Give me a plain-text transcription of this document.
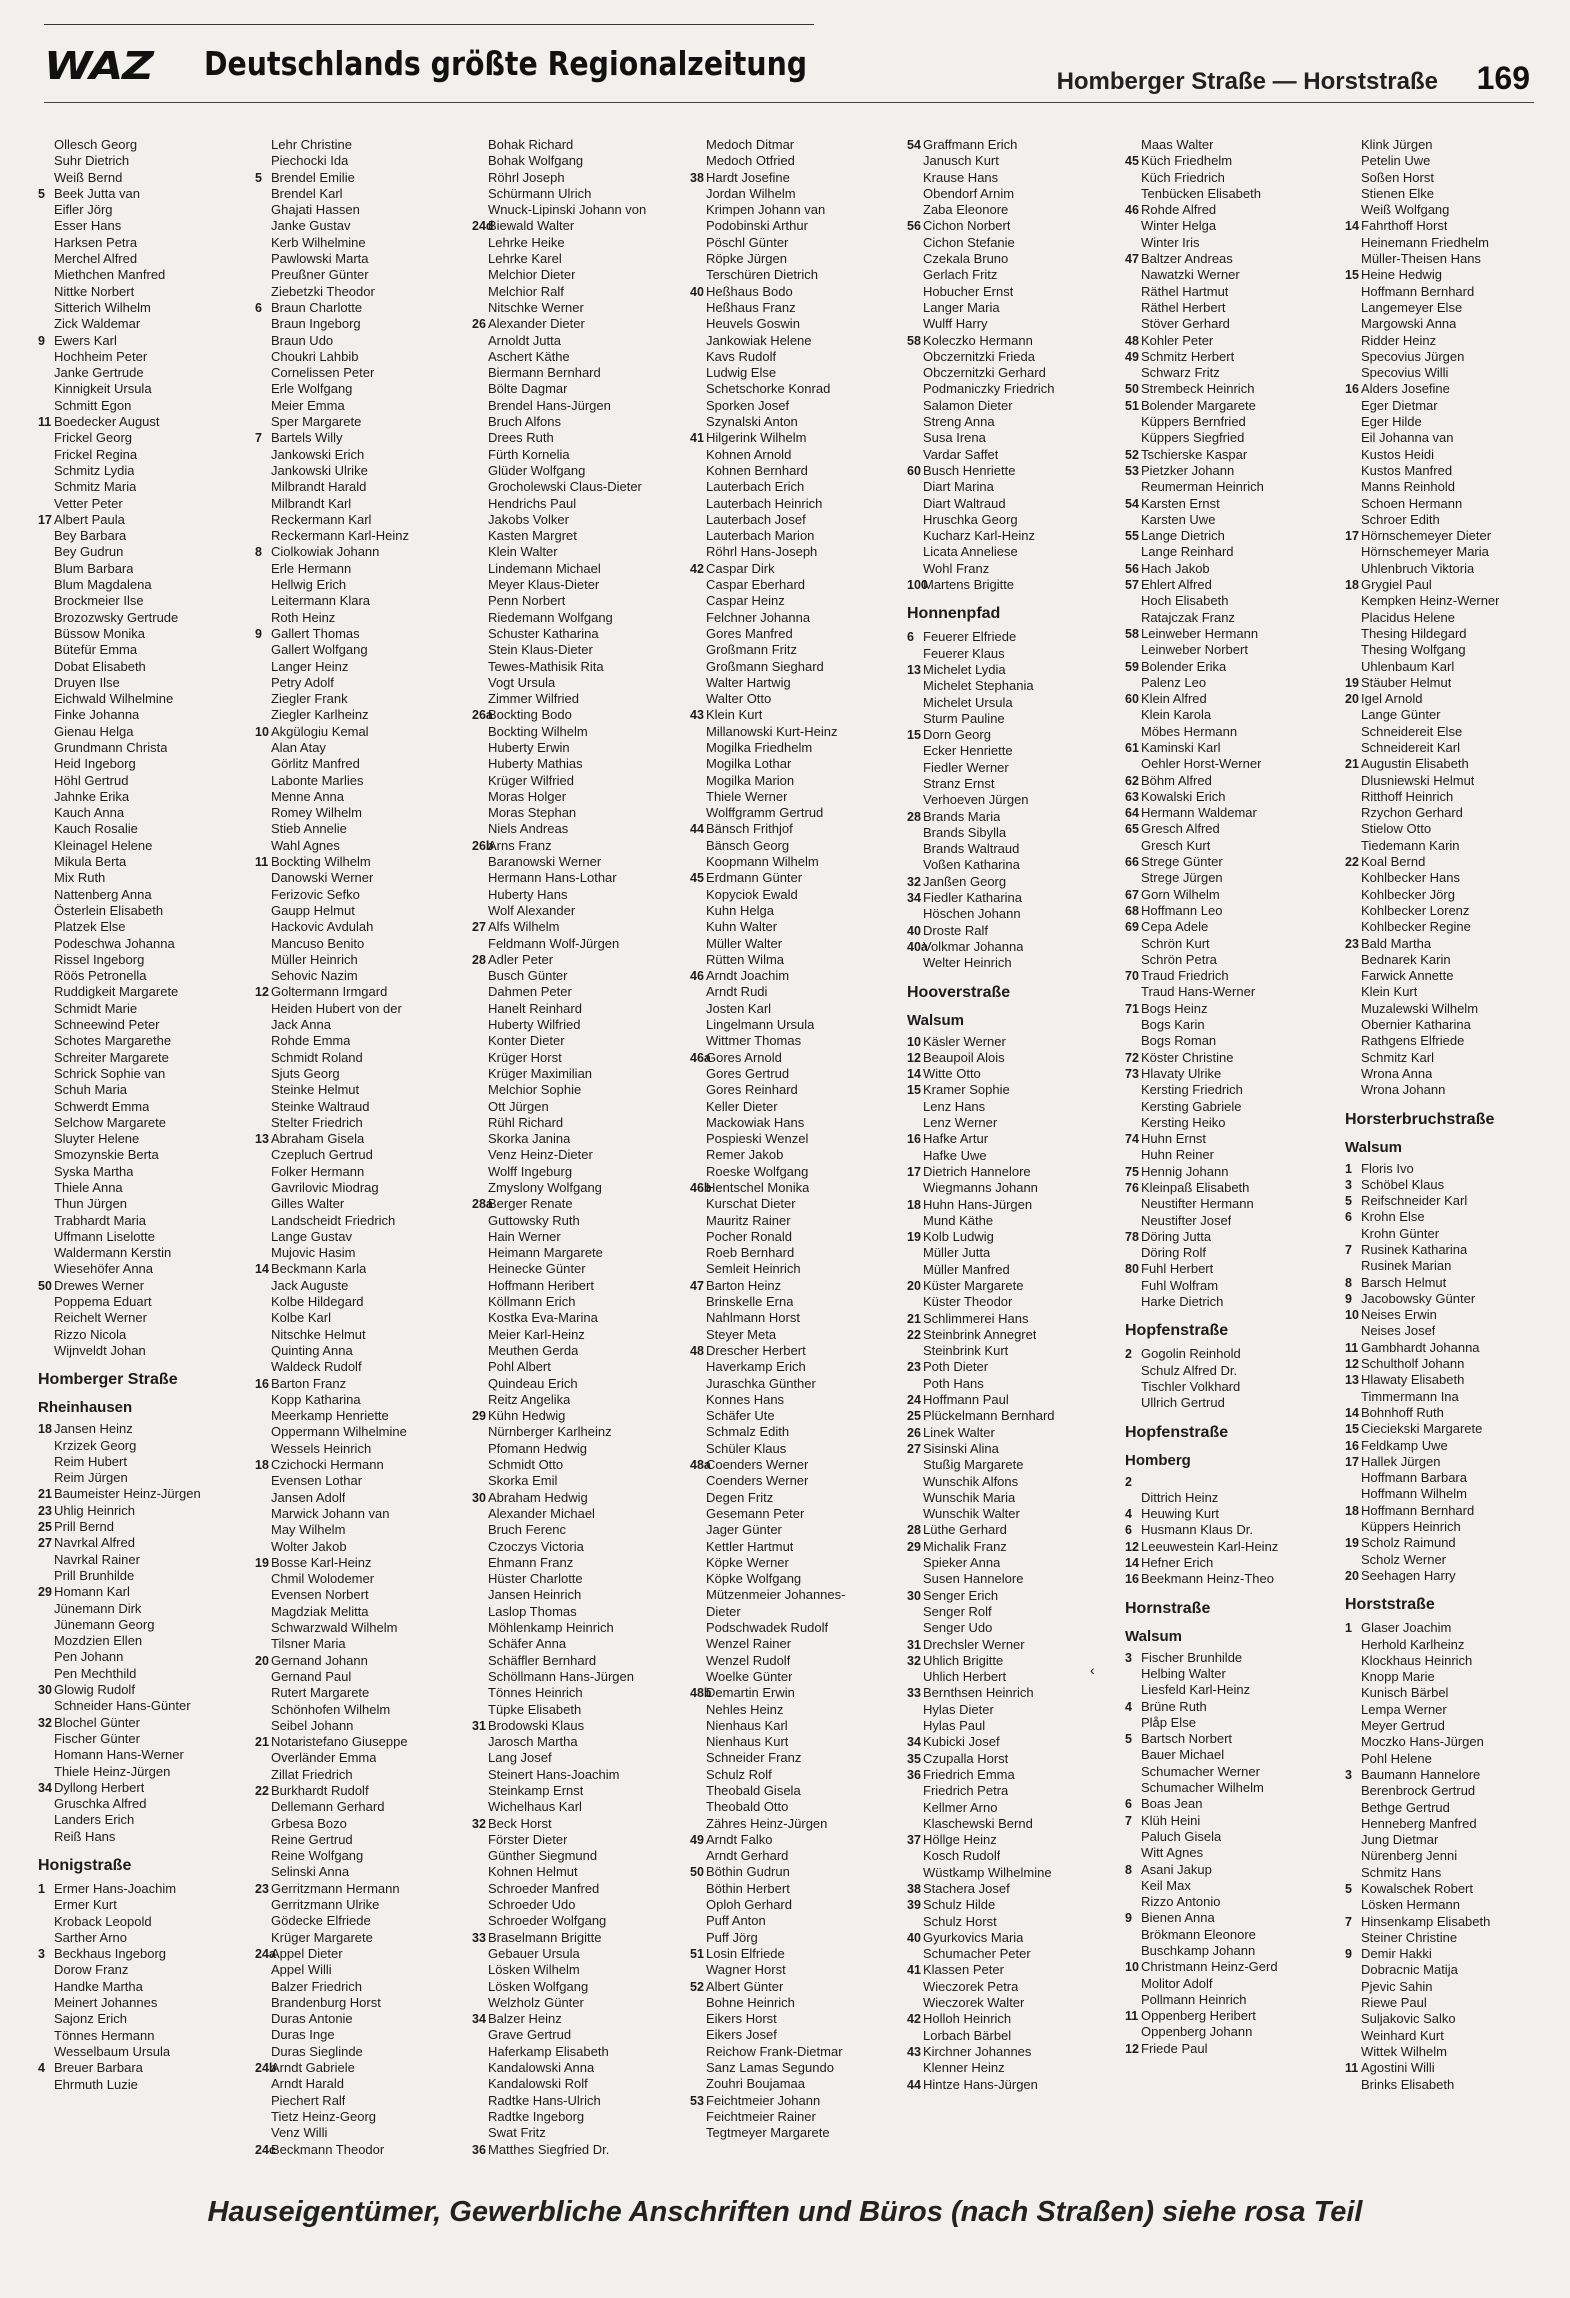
WAZ Deutschlands größte Regionalzeitung	Homberger Straße — Horststraße 169
Ollesch Georg
Suhr Dietrich
Weiß Bernd
5 Beek Jutta van
Eifler Jörg
Esser Hans
Harksen Petra
Merchel Alfred
Miethchen Manfred
Nittke Norbert
Sitterich Wilhelm
Zick Waldemar
9 Ewers Karl
Hochheim Peter
Janke Gertrude
Kinnigkeit Ursula
Schmitt Egon
11 Boedecker August
Frickel Georg
Frickel Regina
Schmitz Lydia
Schmitz Maria
Vetter Peter
17 Albert Paula
Bey Barbara
Bey Gudrun
Blum Barbara
Blum Magdalena
Brockmeier Ilse
Brozozwsky Gertrude
Büssow Monika
Bütefür Emma
Dobat Elisabeth
Druyen Ilse
Eichwald Wilhelmine
Finke Johanna
Gienau Helga
Grundmann Christa
Heid Ingeborg
Höhl Gertrud
Jahnke Erika
Kauch Anna
Kauch Rosalie
Kleinagel Helene
Mikula Berta
Mix Ruth
Nattenberg Anna
Österlein Elisabeth
Platzek Else
Podeschwa Johanna
Rissel Ingeborg
Röös Petronella
Ruddigkeit Margarete
Schmidt Marie
Schneewind Peter
Schotes Margarethe
Schreiter Margarete
Schrick Sophie van
Schuh Maria
Schwerdt Emma
Selchow Margarete
Sluyter Helene
Smozynskie Berta
Syska Martha
Thiele Anna
Thun Jürgen
Trabhardt Maria
Uffmann Liselotte
Waldermann Kerstin
Wiesehöfer Anna
50 Drewes Werner
Poppema Eduart
Reichelt Werner
Rizzo Nicola
Wijnveldt Johan
Homberger Straße
Rheinhausen
18 Jansen Heinz
Krzizek Georg
Reim Hubert
Reim Jürgen
21 Baumeister Heinz-Jürgen
23 Uhlig Heinrich
25 Prill Bernd
27 Navrkal Alfred
Navrkal Rainer
Prill Brunhilde
29 Homann Karl
Jünemann Dirk
Jünemann Georg
Mozdzien Ellen
Pen Johann
Pen Mechthild
30 Glowig Rudolf
Schneider Hans-Günter
32 Blochel Günter
Fischer Günter
Homann Hans-Werner
Thiele Heinz-Jürgen
34 Dyllong Herbert
Gruschka Alfred
Landers Erich
Reiß Hans
Honigstraße
1 Ermer Hans-Joachim
Ermer Kurt
Kroback Leopold
Sarther Arno
3 Beckhaus Ingeborg
Dorow Franz
Handke Martha
Meinert Johannes
Sajonz Erich
Tönnes Hermann
Wesselbaum Ursula
4 Breuer Barbara
Ehrmuth Luzie
Lehr Christine
Piechocki Ida
5 Brendel Emilie
Brendel Karl
Ghajati Hassen
Janke Gustav
Kerb Wilhelmine
Pawlowski Marta
Preußner Günter
Ziebetzki Theodor
6 Braun Charlotte
Braun Ingeborg
Braun Udo
Choukri Lahbib
Cornelissen Peter
Erle Wolfgang
Meier Emma
Sper Margarete
7 Bartels Willy
Jankowski Erich
Jankowski Ulrike
Milbrandt Harald
Milbrandt Karl
Reckermann Karl
Reckermann Karl-Heinz
8 Ciolkowiak Johann
Erle Hermann
Hellwig Erich
Leitermann Klara
Roth Heinz
9 Gallert Thomas
Gallert Wolfgang
Langer Heinz
Petry Adolf
Ziegler Frank
Ziegler Karlheinz
10 Akgülogiu Kemal
Alan Atay
Görlitz Manfred
Labonte Marlies
Menne Anna
Romey Wilhelm
Stieb Annelie
Wahl Agnes
11 Bockting Wilhelm
Danowski Werner
Ferizovic Sefko
Gaupp Helmut
Hackovic Avdulah
Mancuso Benito
Müller Heinrich
Sehovic Nazim
12 Goltermann Irmgard
Heiden Hubert von der
Jack Anna
Rohde Emma
Schmidt Roland
Sjuts Georg
Steinke Helmut
Steinke Waltraud
Stelter Friedrich
13 Abraham Gisela
Czepluch Gertrud
Folker Hermann
Gavrilovic Miodrag
Gilles Walter
Landscheidt Friedrich
Lange Gustav
Mujovic Hasim
14 Beckmann Karla
Jack Auguste
Kolbe Hildegard
Kolbe Karl
Nitschke Helmut
Quinting Anna
Waldeck Rudolf
16 Barton Franz
Kopp Katharina
Meerkamp Henriette
Oppermann Wilhelmine
Wessels Heinrich
18 Czichocki Hermann
Evensen Lothar
Jansen Adolf
Marwick Johann van
May Wilhelm
Wolter Jakob
19 Bosse Karl-Heinz
Chmil Wolodemer
Evensen Norbert
Magdziak Melitta
Schwarzwald Wilhelm
Tilsner Maria
20 Gernand Johann
Gernand Paul
Rutert Margarete
Schönhofen Wilhelm
Seibel Johann
21 Notaristefano Giuseppe
Overländer Emma
Zillat Friedrich
22 Burkhardt Rudolf
Dellemann Gerhard
Grbesa Bozo
Reine Gertrud
Reine Wolfgang
Selinski Anna
23 Gerritzmann Hermann
Gerritzmann Ulrike
Gödecke Elfriede
Krüger Margarete
24a
Appel Dieter
Appel Willi
Balzer Friedrich
Brandenburg Horst
Duras Antonie
Duras Inge
Duras Sieglinde
24b
Arndt Gabriele
Arndt Harald
Piechert Ralf
Tietz Heinz-Georg
Venz Willi
24c
Beckmann Theodor
Bohak Richard
Bohak Wolfgang
Röhrl Joseph
Schürmann Ulrich
Wnuck-Lipinski Johann von
24d
Biewald Walter
Lehrke Heike
Lehrke Karel
Melchior Dieter
Melchior Ralf
Nitschke Werner
26 Alexander Dieter
Arnoldt Jutta
Aschert Käthe
Biermann Bernhard
Bölte Dagmar
Brendel Hans-Jürgen
Bruch Alfons
Drees Ruth
Fürth Kornelia
Glüder Wolfgang
Grocholewski Claus-Dieter
Hendrichs Paul
Jakobs Volker
Kasten Margret
Klein Walter
Lindemann Michael
Meyer Klaus-Dieter
Penn Norbert
Riedemann Wolfgang
Schuster Katharina
Stein Klaus-Dieter
Tewes-Mathisik Rita
Vogt Ursula
Zimmer Wilfried
26a
Bockting Bodo
Bockting Wilhelm
Huberty Erwin
Huberty Mathias
Krüger Wilfried
Moras Holger
Moras Stephan
Niels Andreas
26b
Arns Franz
Baranowski Werner
Hermann Hans-Lothar
Huberty Hans
Wolf Alexander
27 Alfs Wilhelm
Feldmann Wolf-Jürgen
28 Adler Peter
Busch Günter
Dahmen Peter
Hanelt Reinhard
Huberty Wilfried
Konter Dieter
Krüger Horst
Krüger Maximilian
Melchior Sophie
Ott Jürgen
Rühl Richard
Skorka Janina
Venz Heinz-Dieter
Wolff Ingeburg
Zmyslony Wolfgang
28a
Berger Renate
Guttowsky Ruth
Hain Werner
Heimann Margarete
Heinecke Günter
Hoffmann Heribert
Köllmann Erich
Kostka Eva-Marina
Meier Karl-Heinz
Meuthen Gerda
Pohl Albert
Quindeau Erich
Reitz Angelika
29 Kühn Hedwig
Nürnberger Karlheinz
Pfomann Hedwig
Schmidt Otto
Skorka Emil
30 Abraham Hedwig
Alexander Michael
Bruch Ferenc
Czoczys Victoria
Ehmann Franz
Hüster Charlotte
Jansen Heinrich
Laslop Thomas
Möhlenkamp Heinrich
Schäfer Anna
Schäffler Bernhard
Schöllmann Hans-Jürgen
Tönnes Heinrich
Tüpke Elisabeth
31 Brodowski Klaus
Jarosch Martha
Lang Josef
Steinert Hans-Joachim
Steinkamp Ernst
Wichelhaus Karl
32 Beck Horst
Förster Dieter
Günther Siegmund
Kohnen Helmut
Schroeder Manfred
Schroeder Udo
Schroeder Wolfgang
33 Braselmann Brigitte
Gebauer Ursula
Lösken Wilhelm
Lösken Wolfgang
Welzholz Günter
34 Balzer Heinz
Grave Gertrud
Haferkamp Elisabeth
Kandalowski Anna
Kandalowski Rolf
Radtke Hans-Ulrich
Radtke Ingeborg
Swat Fritz
36 Matthes Siegfried Dr.
Medoch Ditmar
Medoch Otfried
38 Hardt Josefine
Jordan Wilhelm
Krimpen Johann van
Podobinski Arthur
Pöschl Günter
Röpke Jürgen
Terschüren Dietrich
40 Heßhaus Bodo
Heßhaus Franz
Heuvels Goswin
Jankowiak Helene
Kavs Rudolf
Ludwig Else
Schetschorke Konrad
Sporken Josef
Szynalski Anton
41 Hilgerink Wilhelm
Kohnen Arnold
Kohnen Bernhard
Lauterbach Erich
Lauterbach Heinrich
Lauterbach Josef
Lauterbach Marion
Röhrl Hans-Joseph
42 Caspar Dirk
Caspar Eberhard
Caspar Heinz
Felchner Johanna
Gores Manfred
Großmann Fritz
Großmann Sieghard
Walter Hartwig
Walter Otto
43 Klein Kurt
Millanowski Kurt-Heinz
Mogilka Friedhelm
Mogilka Lothar
Mogilka Marion
Thiele Werner
Wolffgramm Gertrud
44 Bänsch Frithjof
Bänsch Georg
Koopmann Wilhelm
45 Erdmann Günter
Kopyciok Ewald
Kuhn Helga
Kuhn Walter
Müller Walter
Rütten Wilma
46 Arndt Joachim
Arndt Rudi
Josten Karl
Lingelmann Ursula
Wittmer Thomas
46a
Gores Arnold
Gores Gertrud
Gores Reinhard
Keller Dieter
Mackowiak Hans
Pospieski Wenzel
Remer Jakob
Roeske Wolfgang
46b
Hentschel Monika
Kurschat Dieter
Mauritz Rainer
Pocher Ronald
Roeb Bernhard
Semleit Heinrich
47 Barton Heinz
Brinskelle Erna
Nahlmann Horst
Steyer Meta
48 Drescher Herbert
Haverkamp Erich
Juraschka Günther
Konnes Hans
Schäfer Ute
Schmalz Edith
Schüler Klaus
48a
Coenders Werner
Coenders Werner
Degen Fritz
Gesemann Peter
Jager Günter
Kettler Hartmut
Köpke Werner
Köpke Wolfgang
Mützenmeier Johannes-
Dieter
Podschwadek Rudolf
Wenzel Rainer
Wenzel Rudolf
Woelke Günter
48b
Demartin Erwin
Nehles Heinz
Nienhaus Karl
Nienhaus Kurt
Schneider Franz
Schulz Rolf
Theobald Gisela
Theobald Otto
Zähres Heinz-Jürgen
49 Arndt Falko
Arndt Gerhard
50 Böthin Gudrun
Böthin Herbert
Oploh Gerhard
Puff Anton
Puff Jörg
51 Losin Elfriede
Wagner Horst
52 Albert Günter
Bohne Heinrich
Eikers Horst
Eikers Josef
Reichow Frank-Dietmar
Sanz Lamas Segundo
Zouhri Boujamaa
53 Feichtmeier Johann
Feichtmeier Rainer
Tegtmeyer Margarete
54 Graffmann Erich
Janusch Kurt
Krause Hans
Obendorf Arnim
Zaba Eleonore
56 Cichon Norbert
Cichon Stefanie
Czekala Bruno
Gerlach Fritz
Hobucher Ernst
Langer Maria
Wulff Harry
58 Koleczko Hermann
Obczernitzki Frieda
Obczernitzki Gerhard
Podmaniczky Friedrich
Salamon Dieter
Streng Anna
Susa Irena
Vardar Saffet
60 Busch Henriette
Diart Marina
Diart Waltraud
Hruschka Georg
Kucharz Karl-Heinz
Licata Anneliese
Wohl Franz
100
Martens Brigitte
Honnenpfad
6 Feuerer Elfriede
Feuerer Klaus
13 Michelet Lydia
Michelet Stephania
Michelet Ursula
Sturm Pauline
15 Dorn Georg
Ecker Henriette
Fiedler Werner
Stranz Ernst
Verhoeven Jürgen
28 Brands Maria
Brands Sibylla
Brands Waltraud
Voßen Katharina
32 Janßen Georg
34 Fiedler Katharina
Höschen Johann
40 Droste Ralf
40a
Volkmar Johanna
Welter Heinrich
Hooverstraße
Walsum
10 Käsler Werner
12 Beaupoil Alois
14 Witte Otto
15 Kramer Sophie
Lenz Hans
Lenz Werner
16 Hafke Artur
Hafke Uwe
17 Dietrich Hannelore
Wiegmanns Johann
18 Huhn Hans-Jürgen
Mund Käthe
19 Kolb Ludwig
Müller Jutta
Müller Manfred
20 Küster Margarete
Küster Theodor
21 Schlimmerei Hans
22 Steinbrink Annegret
Steinbrink Kurt
23 Poth Dieter
Poth Hans
24 Hoffmann Paul
25 Plückelmann Bernhard
26 Linek Walter
27 Sisinski Alina
Stußig Margarete
Wunschik Alfons
Wunschik Maria
Wunschik Walter
28 Lüthe Gerhard
29 Michalik Franz
Spieker Anna
Susen Hannelore
30 Senger Erich
Senger Rolf
Senger Udo
31 Drechsler Werner
32 Uhlich Brigitte
Uhlich Herbert
33 Bernthsen Heinrich
Hylas Dieter
Hylas Paul
34 Kubicki Josef
35 Czupalla Horst
36 Friedrich Emma
Friedrich Petra
Kellmer Arno
Klaschewski Bernd
37 Höllge Heinz
Kosch Rudolf
Wüstkamp Wilhelmine
38 Stachera Josef
39 Schulz Hilde
Schulz Horst
40 Gyurkovics Maria
Schumacher Peter
41 Klassen Peter
Wieczorek Petra
Wieczorek Walter
42 Holloh Heinrich
Lorbach Bärbel
43 Kirchner Johannes
Klenner Heinz
44 Hintze Hans-Jürgen
Maas Walter
45 Küch Friedhelm
Küch Friedrich
Tenbücken Elisabeth
46 Rohde Alfred
Winter Helga
Winter Iris
47 Baltzer Andreas
Nawatzki Werner
Räthel Hartmut
Räthel Herbert
Stöver Gerhard
48 Kohler Peter
49 Schmitz Herbert
Schwarz Fritz
50 Strembeck Heinrich
51 Bolender Margarete
Küppers Bernfried
Küppers Siegfried
52 Tschierske Kaspar
53 Pietzker Johann
Reumerman Heinrich
54 Karsten Ernst
Karsten Uwe
55 Lange Dietrich
Lange Reinhard
56 Hach Jakob
57 Ehlert Alfred
Hoch Elisabeth
Ratajczak Franz
58 Leinweber Hermann
Leinweber Norbert
59 Bolender Erika
Palenz Leo
60 Klein Alfred
Klein Karola
Möbes Hermann
61 Kaminski Karl
Oehler Horst-Werner
62 Böhm Alfred
63 Kowalski Erich
64 Hermann Waldemar
65 Gresch Alfred
Gresch Kurt
66 Strege Günter
Strege Jürgen
67 Gorn Wilhelm
68 Hoffmann Leo
69 Cepa Adele
Schrön Kurt
Schrön Petra
70 Traud Friedrich
Traud Hans-Werner
71 Bogs Heinz
Bogs Karin
Bogs Roman
72 Köster Christine
73 Hlavaty Ulrike
Kersting Friedrich
Kersting Gabriele
Kersting Heiko
74 Huhn Ernst
Huhn Reiner
75 Hennig Johann
76 Kleinpaß Elisabeth
Neustifter Hermann
Neustifter Josef
78 Döring Jutta
Döring Rolf
80 Fuhl Herbert
Fuhl Wolfram
Harke Dietrich
Hopfenstraße
2 Gogolin Reinhold
Schulz Alfred Dr.
Tischler Volkhard
Ullrich Gertrud
Hopfenstraße
Homberg
2
Dittrich Heinz
4 Heuwing Kurt
6 Husmann Klaus Dr.
12 Leeuwestein Karl-Heinz
14 Hefner Erich
16 Beekmann Heinz-Theo
Hornstraße
Walsum
3 Fischer Brunhilde
Helbing Walter
Liesfeld Karl-Heinz
4 Brüne Ruth
Plåp Else
5 Bartsch Norbert
Bauer Michael
Schumacher Werner
Schumacher Wilhelm
6 Boas Jean
7 Klüh Heini
Paluch Gisela
Witt Agnes
8 Asani Jakup
Keil Max
Rizzo Antonio
9 Bienen Anna
Brökmann Eleonore
Buschkamp Johann
10 Christmann Heinz-Gerd
Molitor Adolf
Pollmann Heinrich
11 Oppenberg Heribert
Oppenberg Johann
12 Friede Paul
Klink Jürgen
Petelin Uwe
Soßen Horst
Stienen Elke
Weiß Wolfgang
14 Fahrthoff Horst
Heinemann Friedhelm
Müller-Theisen Hans
15 Heine Hedwig
Hoffmann Bernhard
Langemeyer Else
Margowski Anna
Ridder Heinz
Specovius Jürgen
Specovius Willi
16 Alders Josefine
Eger Dietmar
Eger Hilde
Eil Johanna van
Kustos Heidi
Kustos Manfred
Manns Reinhold
Schoen Hermann
Schroer Edith
17 Hörnschemeyer Dieter
Hörnschemeyer Maria
Uhlenbruch Viktoria
18 Grygiel Paul
Kempken Heinz-Werner
Placidus Helene
Thesing Hildegard
Thesing Wolfgang
Uhlenbaum Karl
19 Stäuber Helmut
20 Igel Arnold
Lange Günter
Schneidereit Else
Schneidereit Karl
21 Augustin Elisabeth
Dlusniewski Helmut
Ritthoff Heinrich
Rzychon Gerhard
Stielow Otto
Tiedemann Karin
22 Koal Bernd
Kohlbecker Hans
Kohlbecker Jörg
Kohlbecker Lorenz
Kohlbecker Regine
23 Bald Martha
Bednarek Karin
Farwick Annette
Klein Kurt
Muzalewski Wilhelm
Obernier Katharina
Rathgens Elfriede
Schmitz Karl
Wrona Anna
Wrona Johann
Horsterbruchstraße
Walsum
1 Floris Ivo
3 Schöbel Klaus
5 Reifschneider Karl
6 Krohn Else
Krohn Günter
7 Rusinek Katharina
Rusinek Marian
8 Barsch Helmut
9 Jacobowsky Günter
10 Neises Erwin
Neises Josef
11 Gambhardt Johanna
12 Schultholf Johann
13 Hlawaty Elisabeth
Timmermann Ina
14 Bohnhoff Ruth
15 Cieciekski Margarete
16 Feldkamp Uwe
17 Hallek Jürgen
Hoffmann Barbara
Hoffmann Wilhelm
18 Hoffmann Bernhard
Küppers Heinrich
19 Scholz Raimund
Scholz Werner
20 Seehagen Harry
Horststraße
1 Glaser Joachim
Herhold Karlheinz
Klockhaus Heinrich
Knopp Marie
Kunisch Bärbel
Lempa Werner
Meyer Gertrud
Moczko Hans-Jürgen
Pohl Helene
3 Baumann Hannelore
Berenbrock Gertrud
Bethge Gertrud
Henneberg Manfred
Jung Dietmar
Nürenberg Jenni
Schmitz Hans
5 Kowalschek Robert
Lösken Hermann
7 Hinsenkamp Elisabeth
Steiner Christine
9 Demir Hakki
Dobracnic Matija
Pjevic Sahin
Riewe Paul
Suljakovic Salko
Weinhard Kurt
Wittek Wilhelm
11 Agostini Willi
Brinks Elisabeth
‹
Hauseigentümer, Gewerbliche Anschriften und Büros (nach Straßen) siehe rosa Teil
